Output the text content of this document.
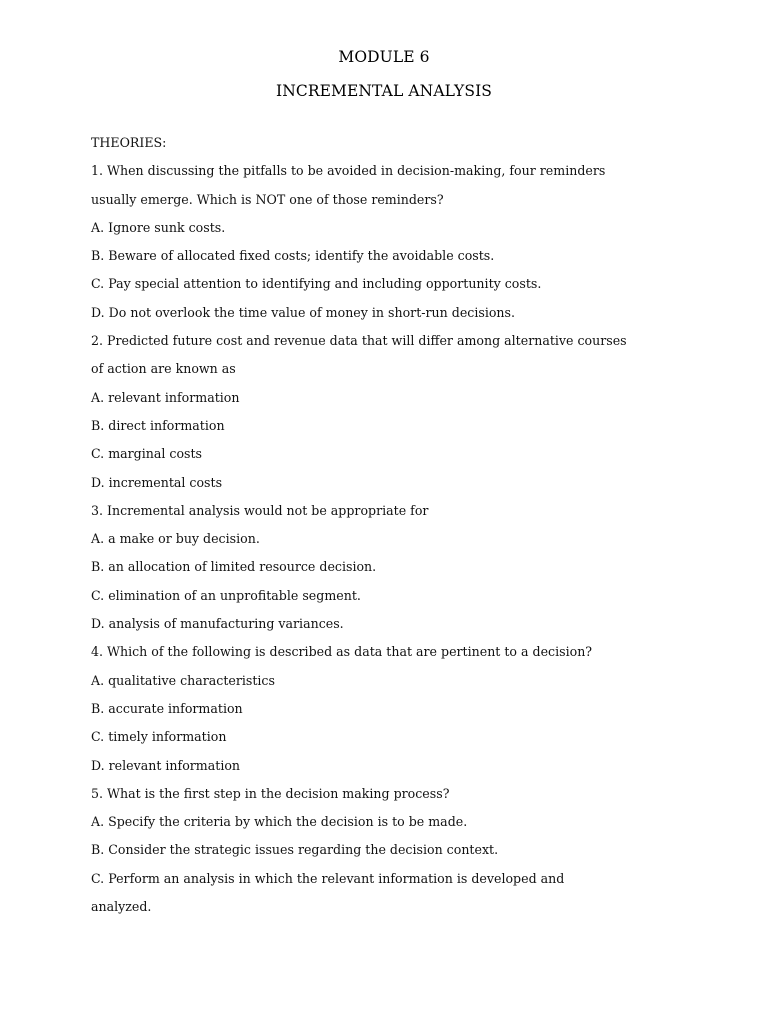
MODULE 6
INCREMENTAL ANALYSIS
THEORIES:
1. When discussing the pitfalls to be avoided in decision-making, four reminders
usually emerge. Which is NOT one of those reminders?
A. Ignore sunk costs.
B. Beware of allocated fixed costs; identify the avoidable costs.
C. Pay special attention to identifying and including opportunity costs.
D. Do not overlook the time value of money in short-run decisions.
2. Predicted future cost and revenue data that will differ among alternative courses
of action are known as
A. relevant information
B. direct information
C. marginal costs
D. incremental costs
3. Incremental analysis would not be appropriate for
A. a make or buy decision.
B. an allocation of limited resource decision.
C. elimination of an unprofitable segment.
D. analysis of manufacturing variances.
4. Which of the following is described as data that are pertinent to a decision?
A. qualitative characteristics
B. accurate information
C. timely information
D. relevant information
5. What is the first step in the decision making process?
A. Specify the criteria by which the decision is to be made.
B. Consider the strategic issues regarding the decision context.
C. Perform an analysis in which the relevant information is developed and
analyzed.
